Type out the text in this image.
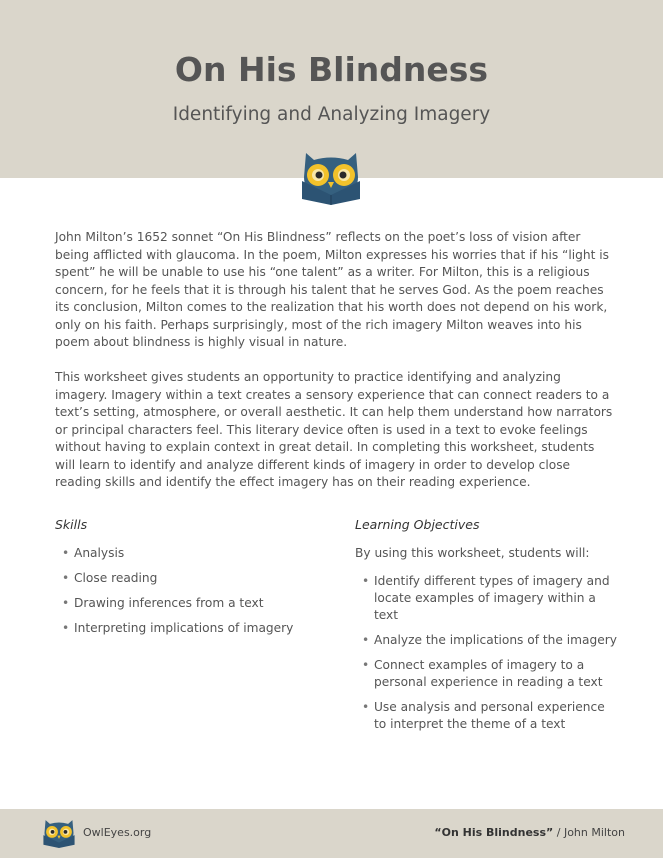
On His Blindness
Identifying and Analyzing Imagery

John Milton’s 1652 sonnet “On His Blindness” reflects on the poet’s loss of vision after being afflicted with glaucoma. In the poem, Milton expresses his worries that if his “light is spent” he will be unable to use his “one talent” as a writer. For Milton, this is a religious concern, for he feels that it is through his talent that he serves God. As the poem reaches its conclusion, Milton comes to the realization that his worth does not depend on his work, only on his faith. Perhaps surprisingly, most of the rich imagery Milton weaves into his poem about blindness is highly visual in nature.

This worksheet gives students an opportunity to practice identifying and analyzing imagery. Imagery within a text creates a sensory experience that can connect readers to a text’s setting, atmosphere, or overall aesthetic. It can help them understand how narrators or principal characters feel. This literary device often is used in a text to evoke feelings without having to explain context in great detail. In completing this worksheet, students will learn to identify and analyze different kinds of imagery in order to develop close reading skills and identify the effect imagery has on their reading experience.

Skills
• Analysis
• Close reading
• Drawing inferences from a text
• Interpreting implications of imagery
Learning Objectives
By using this worksheet, students will:
• Identify different types of imagery and locate examples of imagery within a text
• Analyze the implications of the imagery
• Connect examples of imagery to a personal experience in reading a text
• Use analysis and personal experience to interpret the theme of a text
OwlEyes.org	“On His Blindness” / John Milton
